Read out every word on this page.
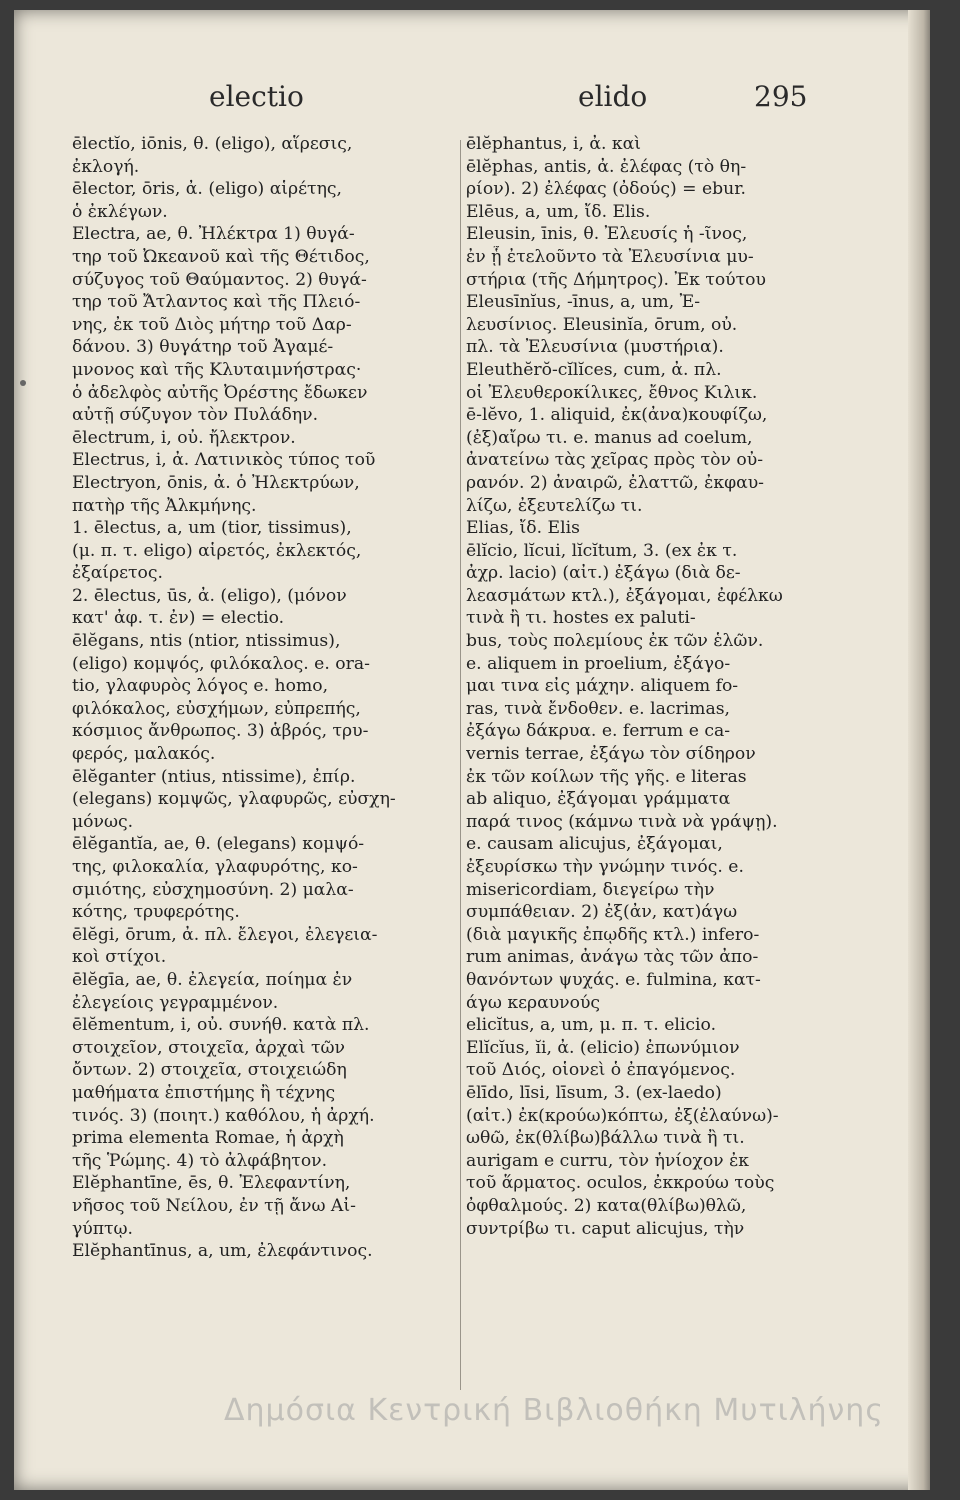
electio	elido	295

ēlectĭo, iōnis, θ. (eligo), αἵρεσις,

ἐκλογή.

ēlector, ōris, ἀ. (eligo) αἱρέτης,

ὁ ἐκλέγων.

Electra, ae, θ. Ἠλέκτρα 1) θυγά-

τηρ τοῦ Ὠκεανοῦ καὶ τῆς Θέτιδος,

σύζυγος τοῦ Θαύμαντος. 2) θυγά-

τηρ τοῦ Ἄτλαντος καὶ τῆς Πλειό-

νης, ἐκ τοῦ Διὸς μήτηρ τοῦ Δαρ-

δάνου. 3) θυγάτηρ τοῦ Ἀγαμέ-

μνονος καὶ τῆς Κλυταιμνήστρας·

ὁ ἀδελφὸς αὐτῆς Ὀρέστης ἔδωκεν

αὐτῇ σύζυγον τὸν Πυλάδην.

ēlectrum, i, οὐ. ἤλεκτρον.

Electrus, i, ἀ. Λατινικὸς τύπος τοῦ

Electryon, ōnis, ἀ. ὁ Ἠλεκτρύων,

πατὴρ τῆς Ἀλκμήνης.

1. ēlectus, a, um (tior, tissimus),

(μ. π. τ. eligo) αἱρετός, ἐκλεκτός,

ἐξαίρετος.

2. ēlectus, ūs, ἀ. (eligo), (μόνον

κατ' ἀφ. τ. ἐν) = electio.

ēlĕgans, ntis (ntior, ntissimus),

(eligo) κομψός, φιλόκαλος. e. ora-

tio, γλαφυρὸς λόγος e. homo,

φιλόκαλος, εὐσχήμων, εὐπρεπής,

κόσμιος ἄνθρωπος. 3) ἁβρός, τρυ-

φερός, μαλακός.

ēlĕganter (ntius, ntissime), ἐπίρ.

(elegans) κομψῶς, γλαφυρῶς, εὐσχη-

μόνως.

ēlĕgantĭa, ae, θ. (elegans) κομψό-

της, φιλοκαλία, γλαφυρότης, κο-

σμιότης, εὐσχημοσύνη. 2) μαλα-

κότης, τρυφερότης.

ēlĕgi, ōrum, ἀ. πλ. ἔλεγοι, ἐλεγεια-

κοὶ στίχοι.

ēlĕgīa, ae, θ. ἐλεγεία, ποίημα ἐν

ἐλεγείοις γεγραμμένον.

ēlĕmentum, i, οὐ. συνήθ. κατὰ πλ.

στοιχεῖον, στοιχεῖα, ἀρχαὶ τῶν

ὄντων. 2) στοιχεῖα, στοιχειώδη

μαθήματα ἐπιστήμης ἢ τέχνης

τινός. 3) (ποιητ.) καθόλου, ἡ ἀρχή.

prima elementa Romae, ἡ ἀρχὴ

τῆς Ῥώμης. 4) τὸ ἀλφάβητον.

Elĕphantīne, ēs, θ. Ἐλεφαντίνη,

νῆσος τοῦ Νείλου, ἐν τῇ ἄνω Αἰ-

γύπτῳ.

Elĕphantīnus, a, um, ἐλεφάντινος.

ēlĕphantus, i, ἀ. καὶ

ēlĕphas, antis, ἀ. ἐλέφας (τὸ θη-

ρίον). 2) ἐλέφας (ὀδούς) = ebur.

Elēus, a, um, ἴδ. Elis.

Eleusin, īnis, θ. Ἐλευσίς ἡ -ῖνος,

ἐν ᾗ ἐτελοῦντο τὰ Ἐλευσίνια μυ-

στήρια (τῆς Δήμητρος). Ἐκ τούτου

Eleusīnĭus, -īnus, a, um, Ἐ-

λευσίνιος. Eleusinĭa, ōrum, οὐ.

πλ. τὰ Ἐλευσίνια (μυστήρια).

Eleuthĕrŏ-cĭlĭces, cum, ἀ. πλ.

οἱ Ἐλευθεροκίλικες, ἔθνος Κιλικ.

ē-lĕvo, 1. aliquid, ἐκ(ἀνα)κουφίζω,

(ἐξ)αἴρω τι. e. manus ad coelum,

ἀνατείνω τὰς χεῖρας πρὸς τὸν οὐ-

ρανόν. 2) ἀναιρῶ, ἐλαττῶ, ἐκφαυ-

λίζω, ἐξευτελίζω τι.

Elias, ἴδ. Elis

ēlĭcio, lĭcui, lĭcĭtum, 3. (ex ἐκ τ.

ἀχρ. lacio) (αἰτ.) ἐξάγω (διὰ δε-

λεασμάτων κτλ.), ἐξάγομαι, ἐφέλκω

τινὰ ἢ τι. hostes ex paluti-

bus, τοὺς πολεμίους ἐκ τῶν ἑλῶν.

e. aliquem in proelium, ἐξάγο-

μαι τινα εἰς μάχην. aliquem fo-

ras, τινὰ ἔνδοθεν. e. lacrimas,

ἐξάγω δάκρυα. e. ferrum e ca-

vernis terrae, ἐξάγω τὸν σίδηρον

ἐκ τῶν κοίλων τῆς γῆς. e literas

ab aliquo, ἐξάγομαι γράμματα

παρά τινος (κάμνω τινὰ νὰ γράψῃ).

e. causam alicujus, ἐξάγομαι,

ἐξευρίσκω τὴν γνώμην τινός. e.

misericordiam, διεγείρω τὴν

συμπάθειαν. 2) ἐξ(ἀν, κατ)άγω

(διὰ μαγικῆς ἐπῳδῆς κτλ.) infero-

rum animas, ἀνάγω τὰς τῶν ἀπο-

θανόντων ψυχάς. e. fulmina, κατ-

άγω κεραυνούς

elicĭtus, a, um, μ. π. τ. elicio.

Elĭcĭus, ĭi, ἀ. (elicio) ἐπωνύμιον

τοῦ Διός, οἱονεὶ ὁ ἐπαγόμενος.

ēlīdo, līsi, līsum, 3. (ex-laedo)

(αἰτ.) ἐκ(κρούω)κόπτω, ἐξ(ἐλαύνω)-

ωθῶ, ἐκ(θλίβω)βάλλω τινὰ ἢ τι.

aurigam e curru, τὸν ἡνίοχον ἐκ

τοῦ ἅρματος. oculos, ἐκκρούω τοὺς

ὀφθαλμούς. 2) κατα(θλίβω)θλῶ,

συντρίβω τι. caput alicujus, τὴν

Δημόσια Κεντρική Βιβλιοθήκη Μυτιλήνης
